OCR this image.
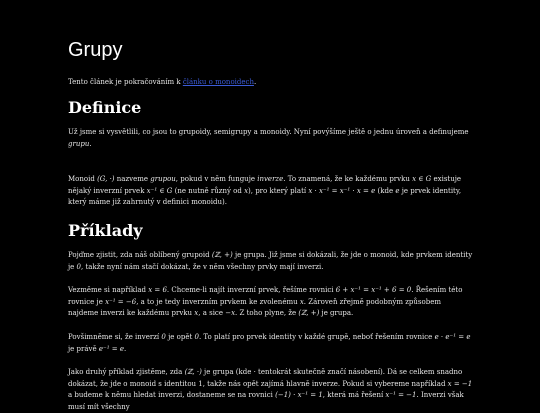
Grupy

Tento článek je pokračováním k článku o monoidech.

Definice

Už jsme si vysvětlili, co jsou to grupoidy, semigrupy a monoidy. Nyní povýšíme ještě o jednu úroveň a definujeme grupu.

Monoid (G, ·) nazveme grupou, pokud v něm funguje inverze. To znamená, že ke každému prvku x ∈ G existuje nějaký inverzní prvek x⁻¹ ∈ G (ne nutně různý od x), pro který platí x · x⁻¹ = x⁻¹ · x = e (kde e je prvek identity, který máme již zahrnutý v definici monoidu).

Příklady

Pojďme zjistit, zda náš oblíbený grupoid (ℤ, +) je grupa. Již jsme si dokázali, že jde o monoid, kde prvkem identity je 0, takže nyní nám stačí dokázat, že v něm všechny prvky mají inverzi.

Vezměme si například x = 6. Chceme-li najít inverzní prvek, řešíme rovnici 6 + x⁻¹ = x⁻¹ + 6 = 0. Řešením této rovnice je x⁻¹ = −6, a to je tedy inverzním prvkem ke zvolenému x. Zároveň zřejmě podobným způsobem najdeme inverzi ke každému prvku x, a sice −x. Z toho plyne, že (ℤ, +) je grupa.

Povšimněme si, že inverzí 0 je opět 0. To platí pro prvek identity v každé grupě, neboť řešením rovnice e · e⁻¹ = e je právě e⁻¹ = e.

Jako druhý příklad zjistěme, zda (ℤ, ·) je grupa (kde · tentokrát skutečně značí násobení). Dá se celkem snadno dokázat, že jde o monoid s identitou 1, takže nás opět zajímá hlavně inverze. Pokud si vybereme například x = −1 a budeme k němu hledat inverzi, dostaneme se na rovnici (−1) · x⁻¹ = 1, která má řešení x⁻¹ = −1. Inverzi však musí mít všechny
